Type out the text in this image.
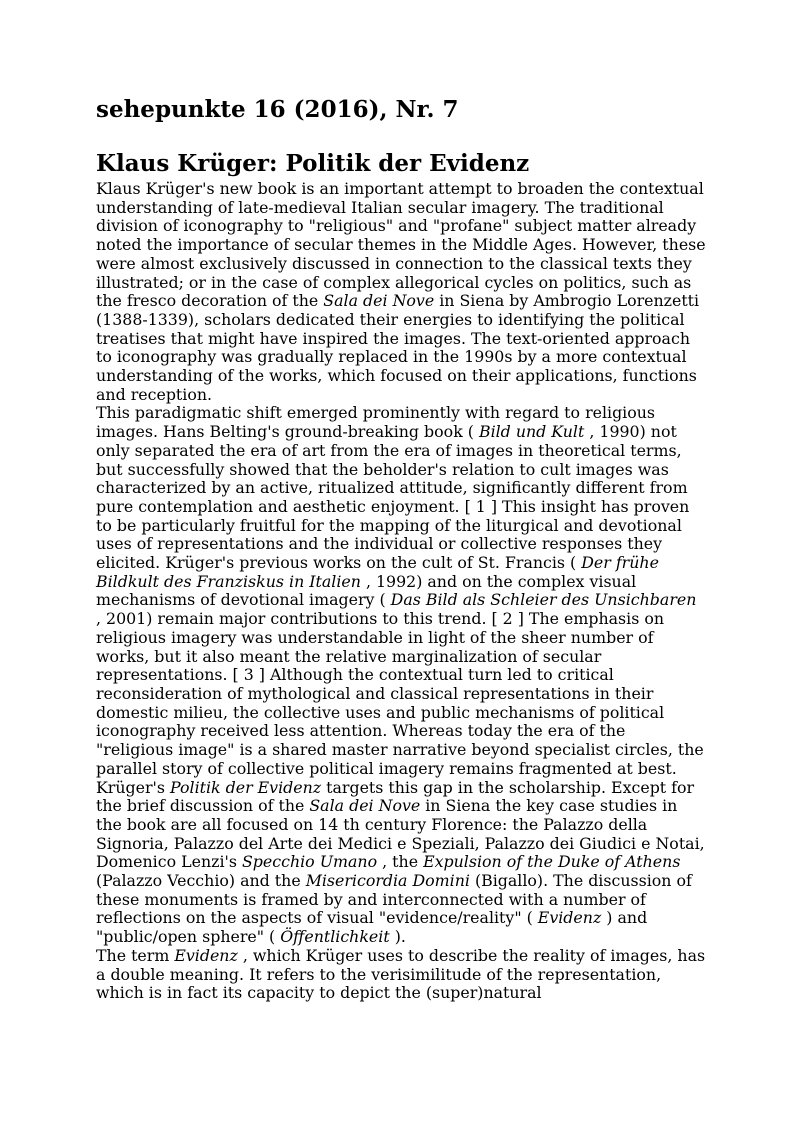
sehepunkte 16 (2016), Nr. 7
Klaus Krüger: Politik der Evidenz

Klaus Krüger's new book is an important attempt to broaden the contextual understanding of late-medieval Italian secular imagery. The traditional division of iconography to "religious" and "profane" subject matter already noted the importance of secular themes in the Middle Ages. However, these were almost exclusively discussed in connection to the classical texts they illustrated; or in the case of complex allegorical cycles on politics, such as the fresco decoration of the Sala dei Nove in Siena by Ambrogio Lorenzetti (1388-1339), scholars dedicated their energies to identifying the political treatises that might have inspired the images. The text-oriented approach to iconography was gradually replaced in the 1990s by a more contextual understanding of the works, which focused on their applications, functions and reception.

This paradigmatic shift emerged prominently with regard to religious images. Hans Belting's ground-breaking book ( Bild und Kult , 1990) not only separated the era of art from the era of images in theoretical terms, but successfully showed that the beholder's relation to cult images was characterized by an active, ritualized attitude, significantly different from pure contemplation and aesthetic enjoyment. [ 1 ] This insight has proven to be particularly fruitful for the mapping of the liturgical and devotional uses of representations and the individual or collective responses they elicited. Krüger's previous works on the cult of St. Francis ( Der frühe Bildkult des Franziskus in Italien , 1992) and on the complex visual mechanisms of devotional imagery ( Das Bild als Schleier des Unsichbaren , 2001) remain major contributions to this trend. [ 2 ] The emphasis on religious imagery was understandable in light of the sheer number of works, but it also meant the relative marginalization of secular representations. [ 3 ] Although the contextual turn led to critical reconsideration of mythological and classical representations in their domestic milieu, the collective uses and public mechanisms of political iconography received less attention. Whereas today the era of the "religious image" is a shared master narrative beyond specialist circles, the parallel story of collective political imagery remains fragmented at best.

Krüger's Politik der Evidenz targets this gap in the scholarship. Except for the brief discussion of the Sala dei Nove in Siena the key case studies in the book are all focused on 14 th century Florence: the Palazzo della Signoria, Palazzo del Arte dei Medici e Speziali, Palazzo dei Giudici e Notai, Domenico Lenzi's Specchio Umano , the Expulsion of the Duke of Athens (Palazzo Vecchio) and the Misericordia Domini (Bigallo). The discussion of these monuments is framed by and interconnected with a number of reflections on the aspects of visual "evidence/reality" ( Evidenz ) and "public/open sphere" ( Öffentlichkeit ).

The term Evidenz , which Krüger uses to describe the reality of images, has a double meaning. It refers to the verisimilitude of the representation, which is in fact its capacity to depict the (super)natural
